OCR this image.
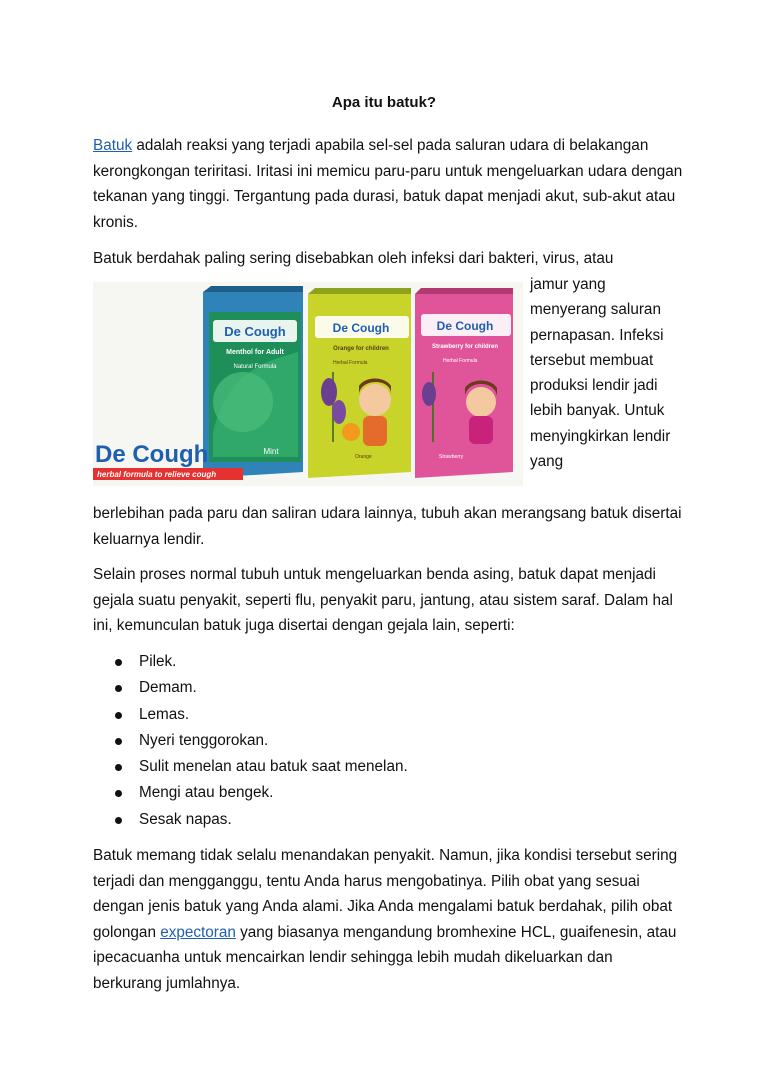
Apa itu batuk?

Batuk adalah reaksi yang terjadi apabila sel-sel pada saluran udara di belakangan kerongkongan teriritasi. Iritasi ini memicu paru-paru untuk mengeluarkan udara dengan tekanan yang tinggi. Tergantung pada durasi, batuk dapat menjadi akut, sub-akut atau kronis.

Batuk berdahak paling sering disebabkan oleh infeksi dari bakteri, virus, atau

De Cough
Menthol for Adult
Natural Formula
Mint
De Cough
Orange for children
Herbal Formula
Orange
De Cough
Strawberry for children
Herbal Formula
Strawberry
De Cough
herbal formula to relieve cough
jamur yang menyerang saluran pernapasan. Infeksi tersebut membuat produksi lendir jadi lebih banyak. Untuk menyingkirkan lendir yang

berlebihan pada paru dan saliran udara lainnya, tubuh akan merangsang batuk disertai keluarnya lendir.

Selain proses normal tubuh untuk mengeluarkan benda asing, batuk dapat menjadi gejala suatu penyakit, seperti flu, penyakit paru, jantung, atau sistem saraf. Dalam hal ini, kemunculan batuk juga disertai dengan gejala lain, seperti:

Pilek.
Demam.
Lemas.
Nyeri tenggorokan.
Sulit menelan atau batuk saat menelan.
Mengi atau bengek.
Sesak napas.

Batuk memang tidak selalu menandakan penyakit. Namun, jika kondisi tersebut sering terjadi dan mengganggu, tentu Anda harus mengobatinya. Pilih obat yang sesuai dengan jenis batuk yang Anda alami. Jika Anda mengalami batuk berdahak, pilih obat golongan expectoran yang biasanya mengandung bromhexine HCL, guaifenesin, atau ipecacuanha untuk mencairkan lendir sehingga lebih mudah dikeluarkan dan berkurang jumlahnya.
